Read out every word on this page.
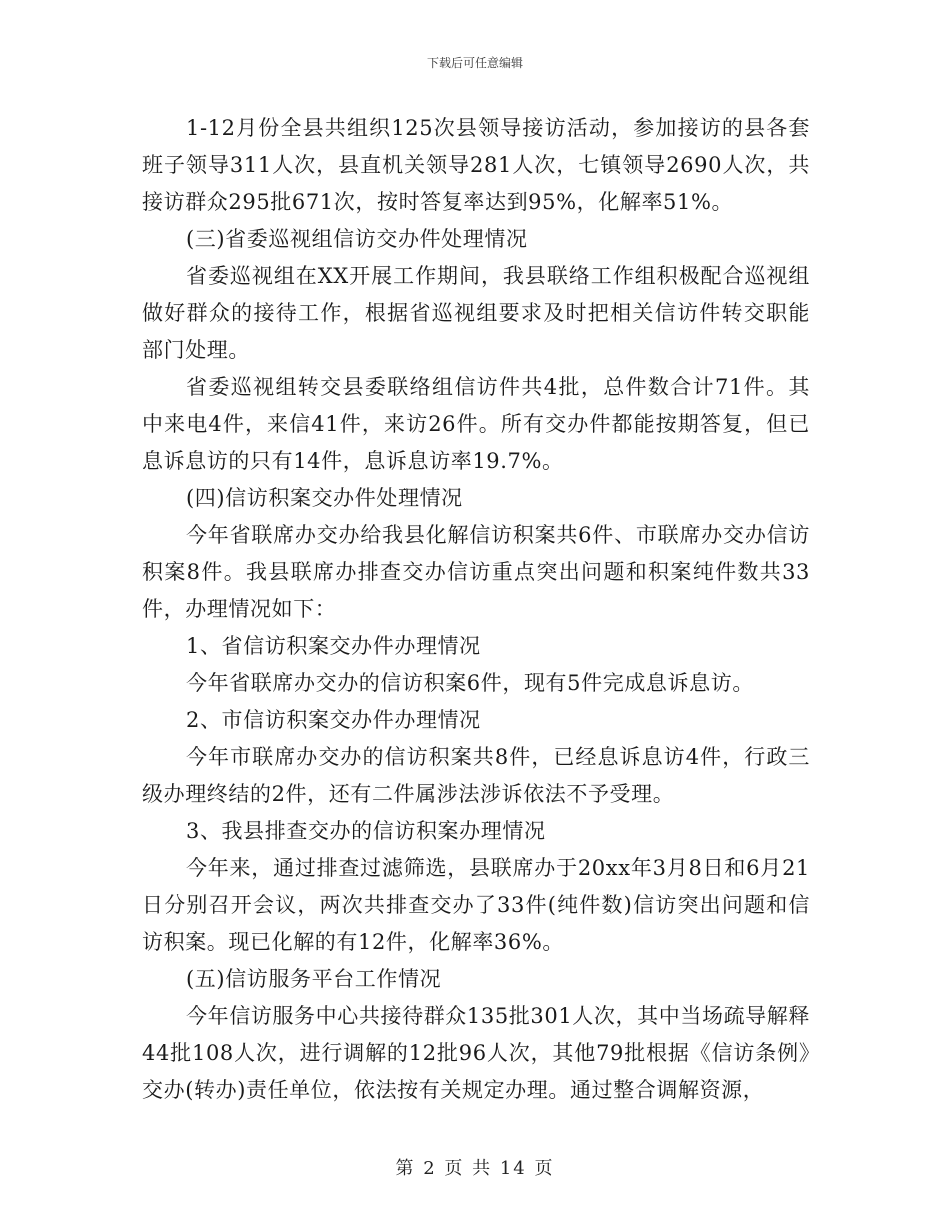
下载后可任意编辑

1-12月份全县共组织125次县领导接访活动，参加接访的县各套班子领导311人次，县直机关领导281人次，七镇领导2690人次，共接访群众295批671次，按时答复率达到95%，化解率51%。

(三)省委巡视组信访交办件处理情况

省委巡视组在XX开展工作期间，我县联络工作组积极配合巡视组做好群众的接待工作，根据省巡视组要求及时把相关信访件转交职能部门处理。

省委巡视组转交县委联络组信访件共4批，总件数合计71件。其中来电4件，来信41件，来访26件。所有交办件都能按期答复，但已息诉息访的只有14件，息诉息访率19.7%。

(四)信访积案交办件处理情况

今年省联席办交办给我县化解信访积案共6件、市联席办交办信访积案8件。我县联席办排查交办信访重点突出问题和积案纯件数共33件，办理情况如下：

1、省信访积案交办件办理情况

今年省联席办交办的信访积案6件，现有5件完成息诉息访。

2、市信访积案交办件办理情况

今年市联席办交办的信访积案共8件，已经息诉息访4件，行政三级办理终结的2件，还有二件属涉法涉诉依法不予受理。

3、我县排查交办的信访积案办理情况

今年来，通过排查过滤筛选，县联席办于20xx年3月8日和6月21日分别召开会议，两次共排查交办了33件(纯件数)信访突出问题和信访积案。现已化解的有12件，化解率36%。

(五)信访服务平台工作情况

今年信访服务中心共接待群众135批301人次，其中当场疏导解释44批108人次，进行调解的12批96人次，其他79批根据《信访条例》交办(转办)责任单位，依法按有关规定办理。通过整合调解资源，

第 2 页 共 14 页
